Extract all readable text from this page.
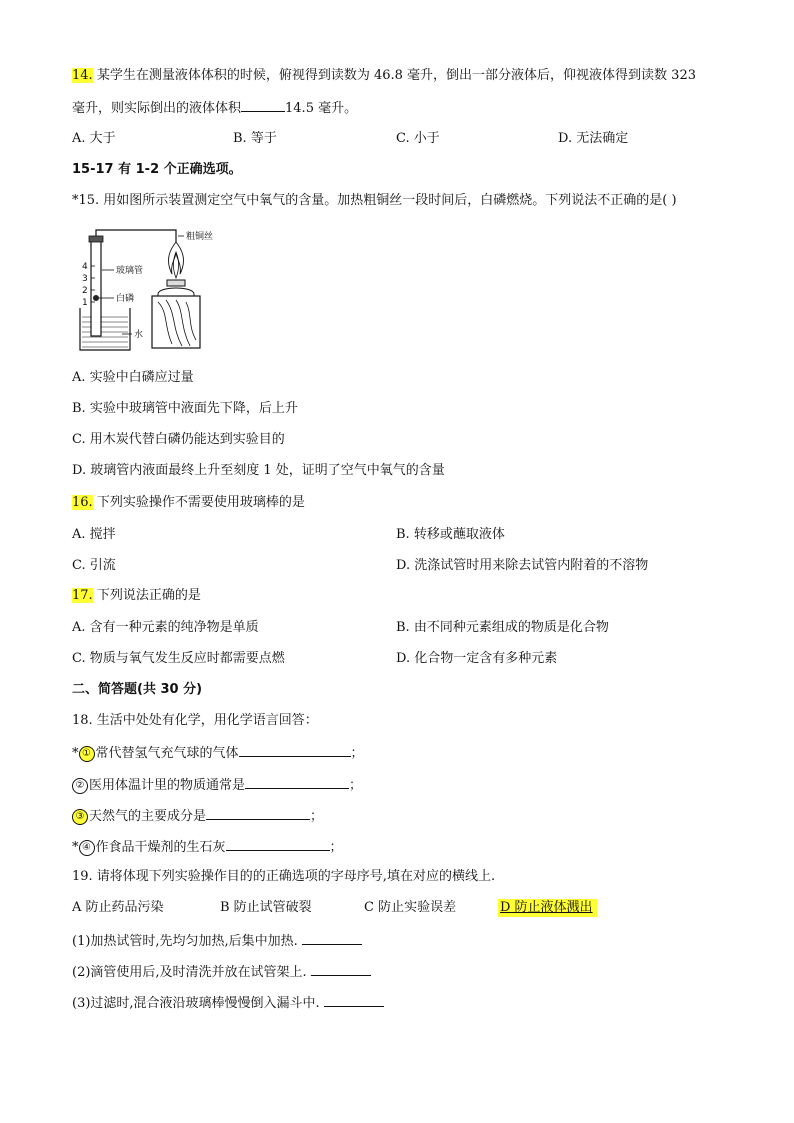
14. 某学生在测量液体体积的时候，俯视得到读数为 46.8 毫升，倒出一部分液体后，仰视液体得到读数 323
毫升，则实际倒出的液体体积	14.5 毫升。
A. 大于	B. 等于	C. 小于	D. 无法确定
15-17 有 1-2 个正确选项。
*15. 用如图所示装置测定空气中氧气的含量。加热粗铜丝一段时间后，白磷燃烧。下列说法不正确的是( )
4
3
2
1
玻璃管
白磷
水
粗铜丝
A. 实验中白磷应过量
B. 实验中玻璃管中液面先下降，后上升
C. 用木炭代替白磷仍能达到实验目的
D. 玻璃管内液面最终上升至刻度 1 处，证明了空气中氧气的含量
16. 下列实验操作不需要使用玻璃棒的是
A. 搅拌	B. 转移或蘸取液体
C. 引流	D. 洗涤试管时用来除去试管内附着的不溶物
17. 下列说法正确的是
A. 含有一种元素的纯净物是单质	B. 由不同种元素组成的物质是化合物
C. 物质与氧气发生反应时都需要点燃	D. 化合物一定含有多种元素
二、简答题(共 30 分)
18. 生活中处处有化学，用化学语言回答：
* ① 常代替氢气充气球的气体	；
② 医用体温计里的物质通常是	；
③ 天然气的主要成分是	；
* ④ 作食品干燥剂的生石灰	；
19. 请将体现下列实验操作目的的正确选项的字母序号,填在对应的横线上.
A 防止药品污染	B 防止试管破裂	C 防止实验误差	D 防止液体溅出
(1)加热试管时,先均匀加热,后集中加热.
(2)滴管使用后,及时清洗并放在试管架上.
(3)过滤时,混合液沿玻璃棒慢慢倒入漏斗中.
